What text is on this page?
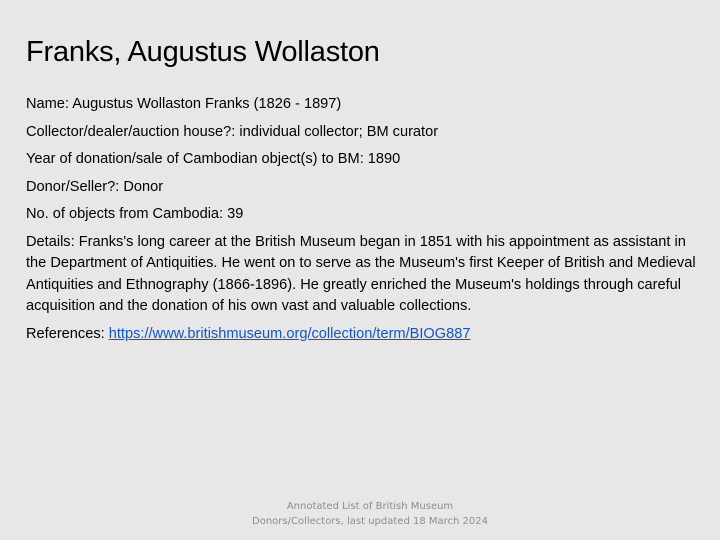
Franks, Augustus Wollaston

Name: Augustus Wollaston Franks (1826 - 1897)

Collector/dealer/auction house?: individual collector; BM curator

Year of donation/sale of Cambodian object(s) to BM: 1890

Donor/Seller?: Donor

No. of objects from Cambodia: 39

Details: Franks's long career at the British Museum began in 1851 with his appointment as assistant in the Department of Antiquities. He went on to serve as the Museum's first Keeper of British and Medieval Antiquities and Ethnography (1866-1896). He greatly enriched the Museum's holdings through careful acquisition and the donation of his own vast and valuable collections.

References: https://www.britishmuseum.org/collection/term/BIOG887

Annotated List of British Museum
Donors/Collectors, last updated 18 March 2024
